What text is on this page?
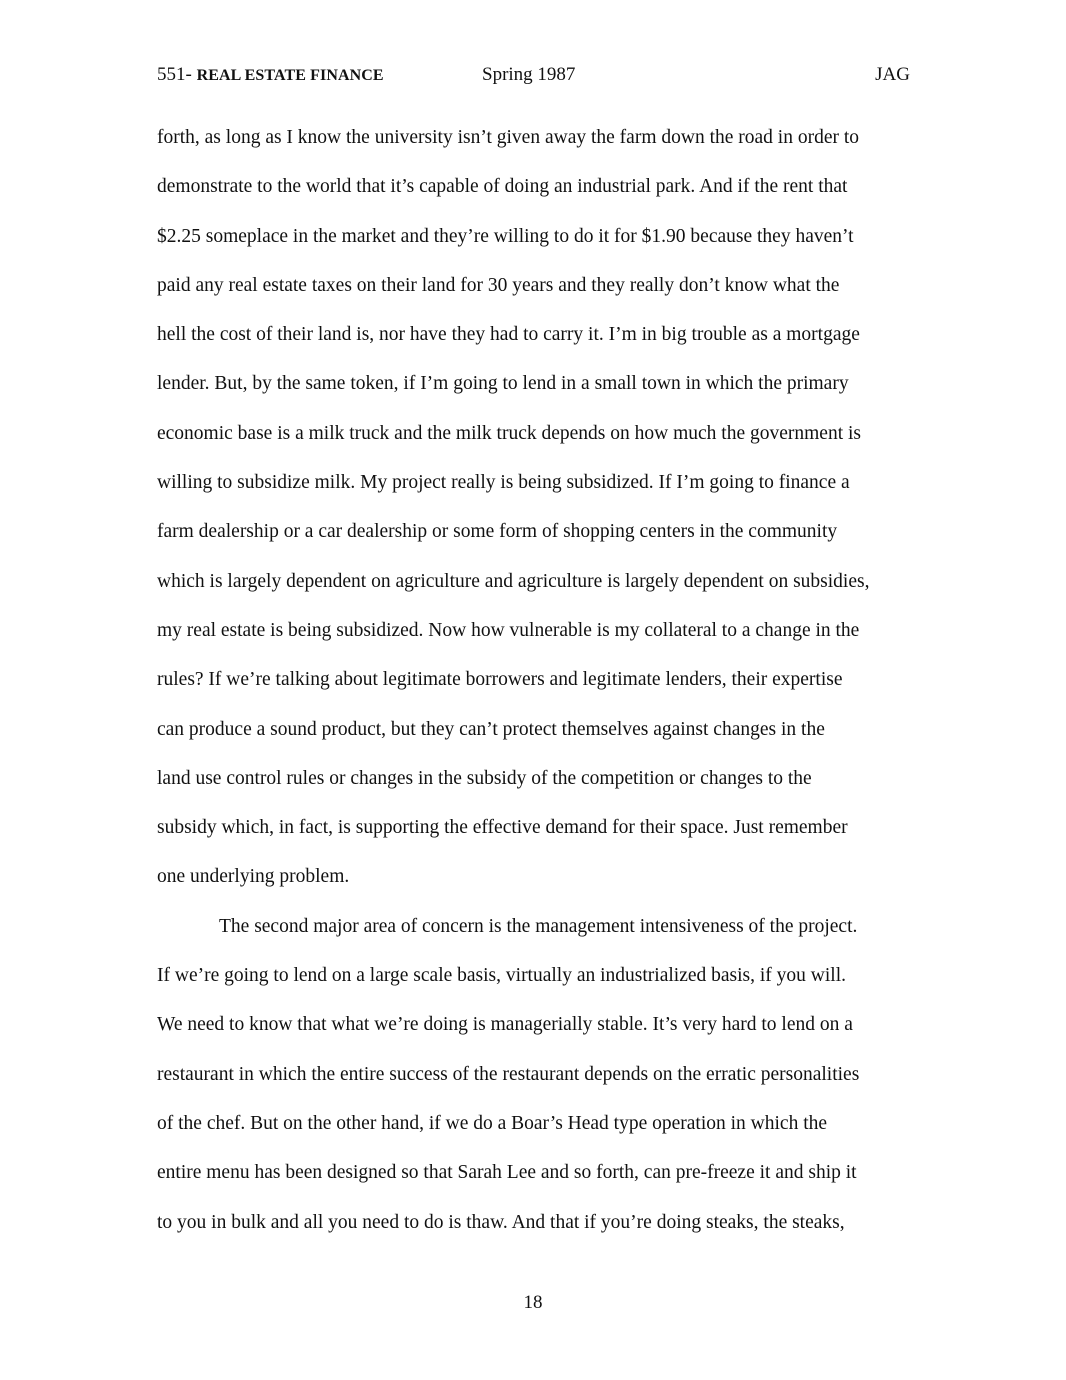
551- REAL ESTATE FINANCE	Spring 1987	JAG
forth, as long as I know the university isn’t given away the farm down the road in order to
demonstrate to the world that it’s capable of doing an industrial park. And if the rent that
$2.25 someplace in the market and they’re willing to do it for $1.90 because they haven’t
paid any real estate taxes on their land for 30 years and they really don’t know what the
hell the cost of their land is, nor have they had to carry it. I’m in big trouble as a mortgage
lender. But, by the same token, if I’m going to lend in a small town in which the primary
economic base is a milk truck and the milk truck depends on how much the government is
willing to subsidize milk. My project really is being subsidized. If I’m going to finance a
farm dealership or a car dealership or some form of shopping centers in the community
which is largely dependent on agriculture and agriculture is largely dependent on subsidies,
my real estate is being subsidized. Now how vulnerable is my collateral to a change in the
rules? If we’re talking about legitimate borrowers and legitimate lenders, their expertise
can produce a sound product, but they can’t protect themselves against changes in the
land use control rules or changes in the subsidy of the competition or changes to the
subsidy which, in fact, is supporting the effective demand for their space. Just remember
one underlying problem.
The second major area of concern is the management intensiveness of the project.
If we’re going to lend on a large scale basis, virtually an industrialized basis, if you will.
We need to know that what we’re doing is managerially stable. It’s very hard to lend on a
restaurant in which the entire success of the restaurant depends on the erratic personalities
of the chef. But on the other hand, if we do a Boar’s Head type operation in which the
entire menu has been designed so that Sarah Lee and so forth, can pre-freeze it and ship it
to you in bulk and all you need to do is thaw. And that if you’re doing steaks, the steaks,
18
